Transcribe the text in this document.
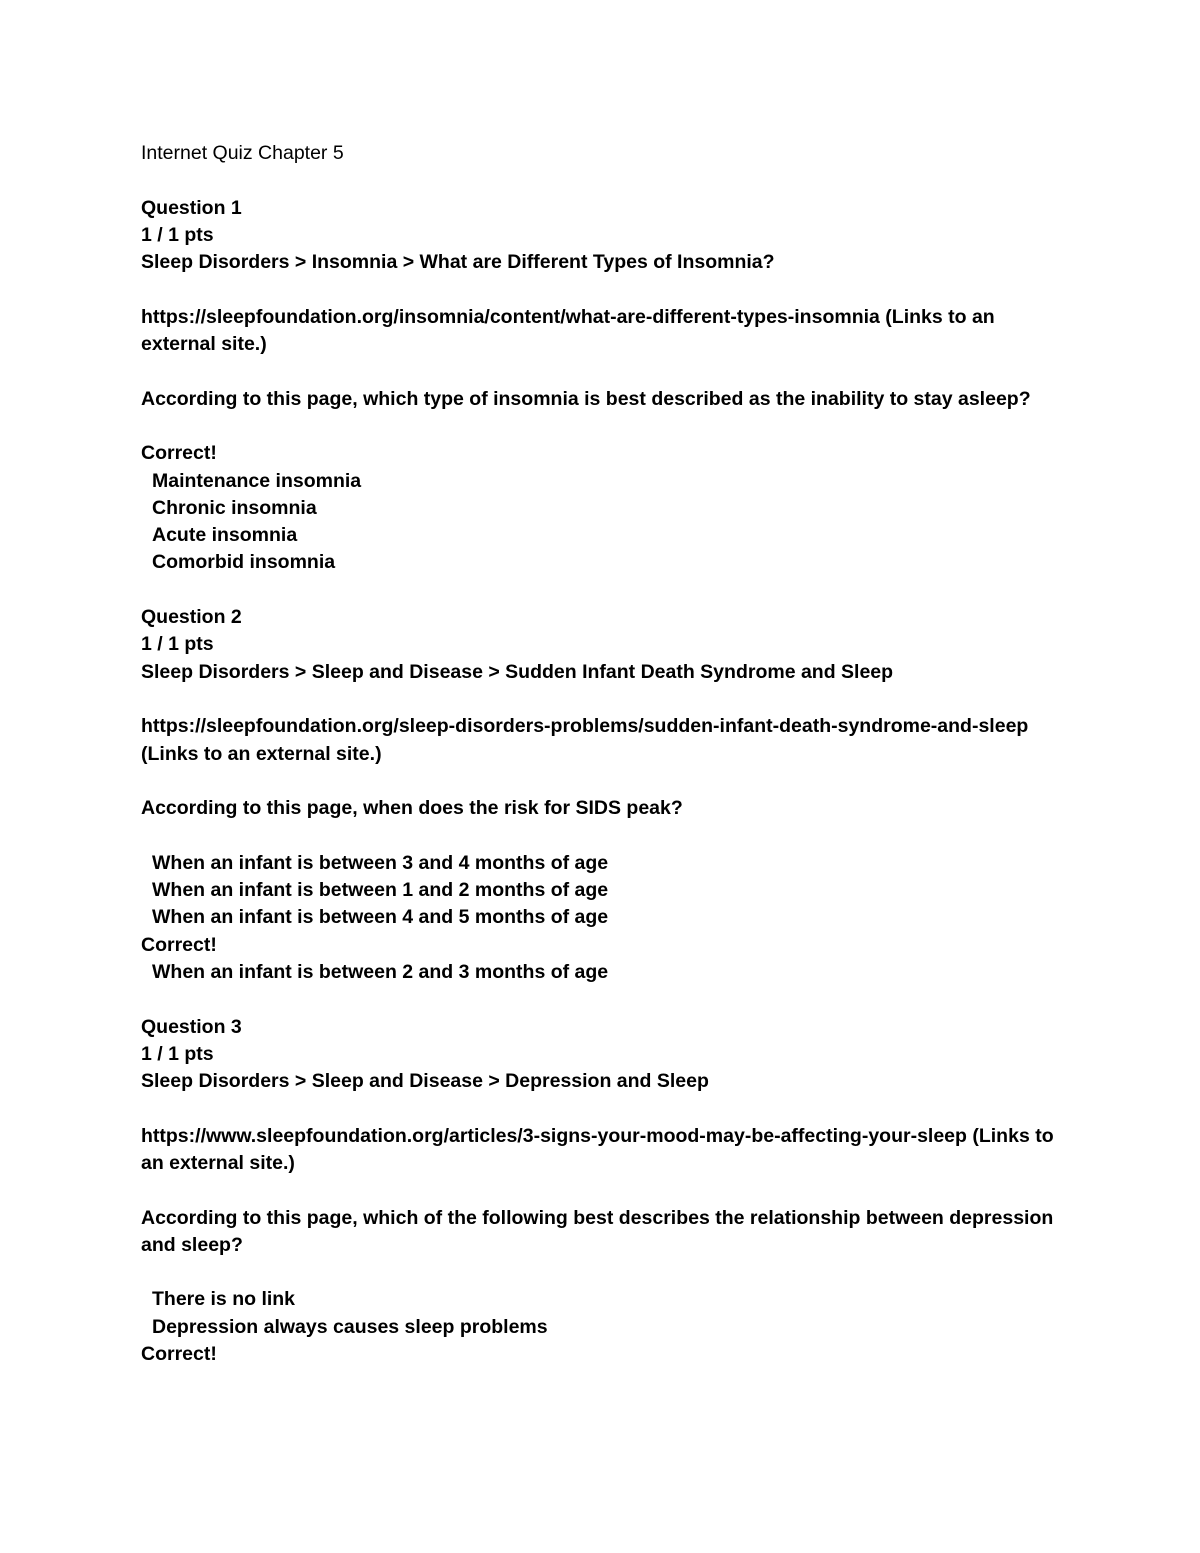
Internet Quiz Chapter 5
Question 1
1 / 1 pts
Sleep Disorders > Insomnia > What are Different Types of Insomnia?
https://sleepfoundation.org/insomnia/content/what-are-different-types-insomnia (Links to an external site.)
According to this page, which type of insomnia is best described as the inability to stay asleep?
Correct!
Maintenance insomnia
Chronic insomnia
Acute insomnia
Comorbid insomnia
Question 2
1 / 1 pts
Sleep Disorders > Sleep and Disease > Sudden Infant Death Syndrome and Sleep
https://sleepfoundation.org/sleep-disorders-problems/sudden-infant-death-syndrome-and-sleep (Links to an external site.)
According to this page, when does the risk for SIDS peak?
When an infant is between 3 and 4 months of age
When an infant is between 1 and 2 months of age
When an infant is between 4 and 5 months of age
Correct!
When an infant is between 2 and 3 months of age
Question 3
1 / 1 pts
Sleep Disorders > Sleep and Disease > Depression and Sleep
https://www.sleepfoundation.org/articles/3-signs-your-mood-may-be-affecting-your-sleep (Links to an external site.)
According to this page, which of the following best describes the relationship between depression and sleep?
There is no link
Depression always causes sleep problems
Correct!
